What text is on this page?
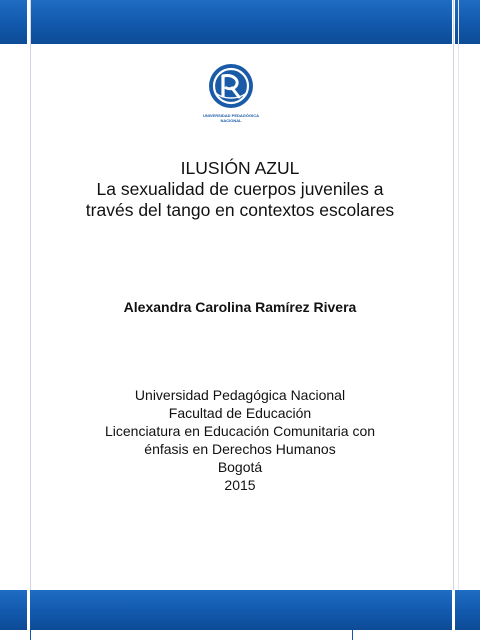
UNIVERSIDAD PEDAGÓGICA
NACIONAL
ILUSIÓN AZUL
La sexualidad de cuerpos juveniles a
través del tango en contextos escolares
Alexandra Carolina Ramírez Rivera
Universidad Pedagógica Nacional
Facultad de Educación
Licenciatura en Educación Comunitaria con
énfasis en Derechos Humanos
Bogotá
2015
